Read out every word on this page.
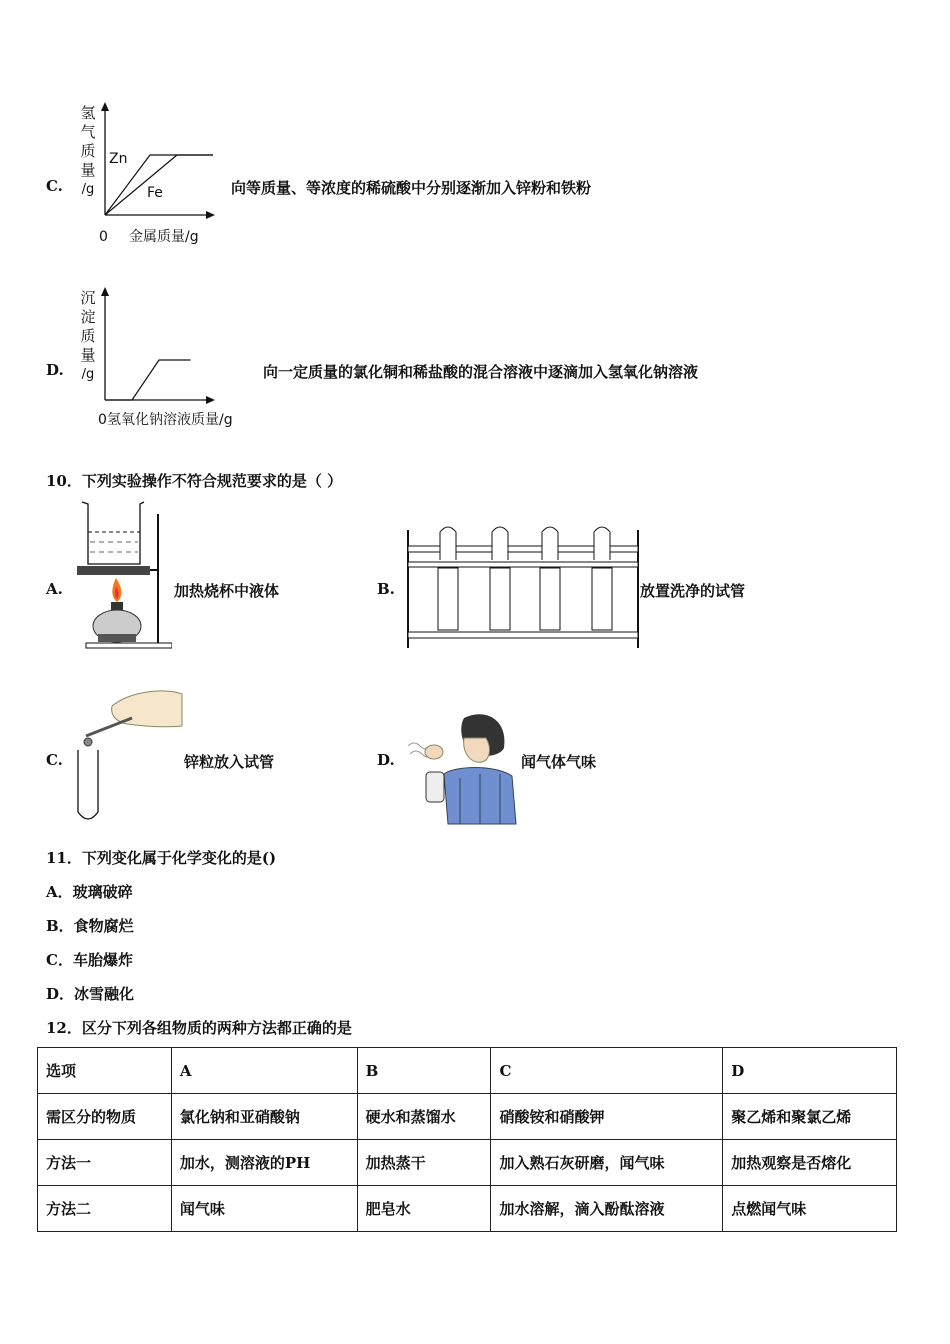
C.
氢
气
质
量
/g
Zn
Fe
0 金属质量/g
向等质量、等浓度的稀硫酸中分别逐渐加入锌粉和铁粉
D.
沉
淀
质
量
/g
0 氢氧化钠溶液质量/g
向一定质量的氯化铜和稀盐酸的混合溶液中逐滴加入氢氧化钠溶液
10．下列实验操作不符合规范要求的是（ ）
A.	加热烧杯中液体	B.	放置洗净的试管
C.	锌粒放入试管	D.	闻气体气味
11．下列变化属于化学变化的是()
A．玻璃破碎
B．食物腐烂
C．车胎爆炸
D．冰雪融化
12．区分下列各组物质的两种方法都正确的是
选项	A	B	C	D
需区分的物质	氯化钠和亚硝酸钠	硬水和蒸馏水	硝酸铵和硝酸钾	聚乙烯和聚氯乙烯
方法一	加水，测溶液的PH	加热蒸干	加入熟石灰研磨，闻气味	加热观察是否熔化
方法二	闻气味	肥皂水	加水溶解，滴入酚酞溶液	点燃闻气味
